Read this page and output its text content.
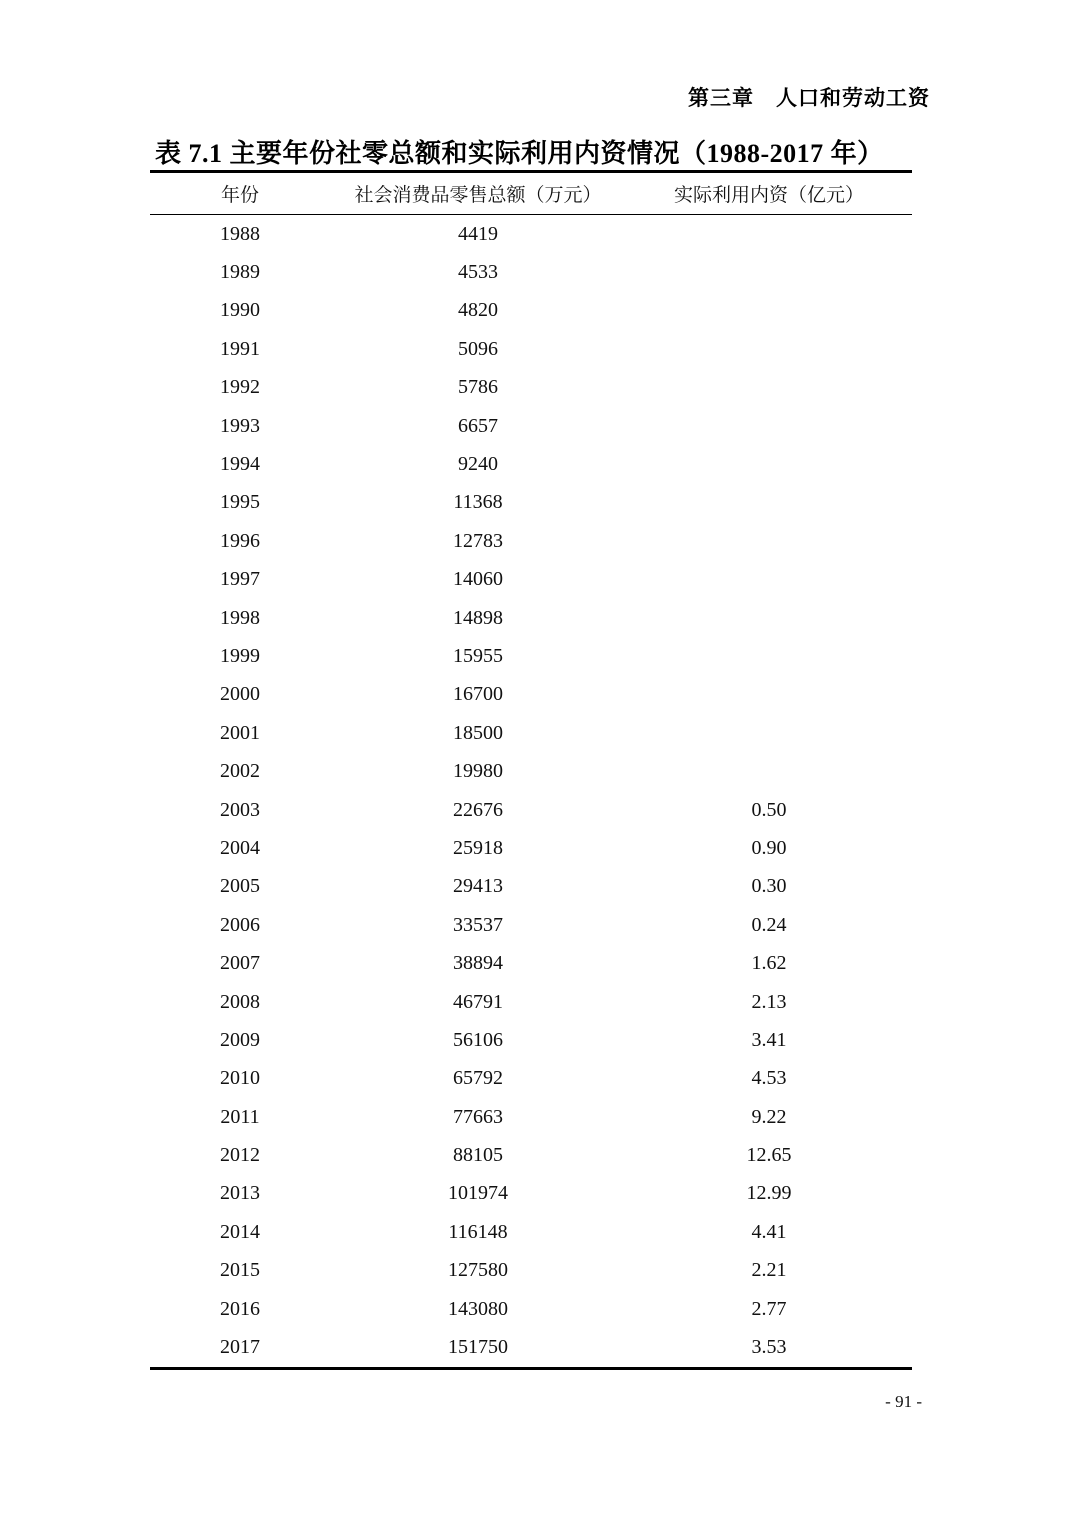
第三章　人口和劳动工资
表 7.1 主要年份社零总额和实际利用内资情况（1988-2017 年）
年份	社会消费品零售总额（万元）	实际利用内资（亿元）
1988	4419
1989	4533
1990	4820
1991	5096
1992	5786
1993	6657
1994	9240
1995	11368
1996	12783
1997	14060
1998	14898
1999	15955
2000	16700
2001	18500
2002	19980
2003	22676	0.50
2004	25918	0.90
2005	29413	0.30
2006	33537	0.24
2007	38894	1.62
2008	46791	2.13
2009	56106	3.41
2010	65792	4.53
2011	77663	9.22
2012	88105	12.65
2013	101974	12.99
2014	116148	4.41
2015	127580	2.21
2016	143080	2.77
2017	151750	3.53
- 91 -
